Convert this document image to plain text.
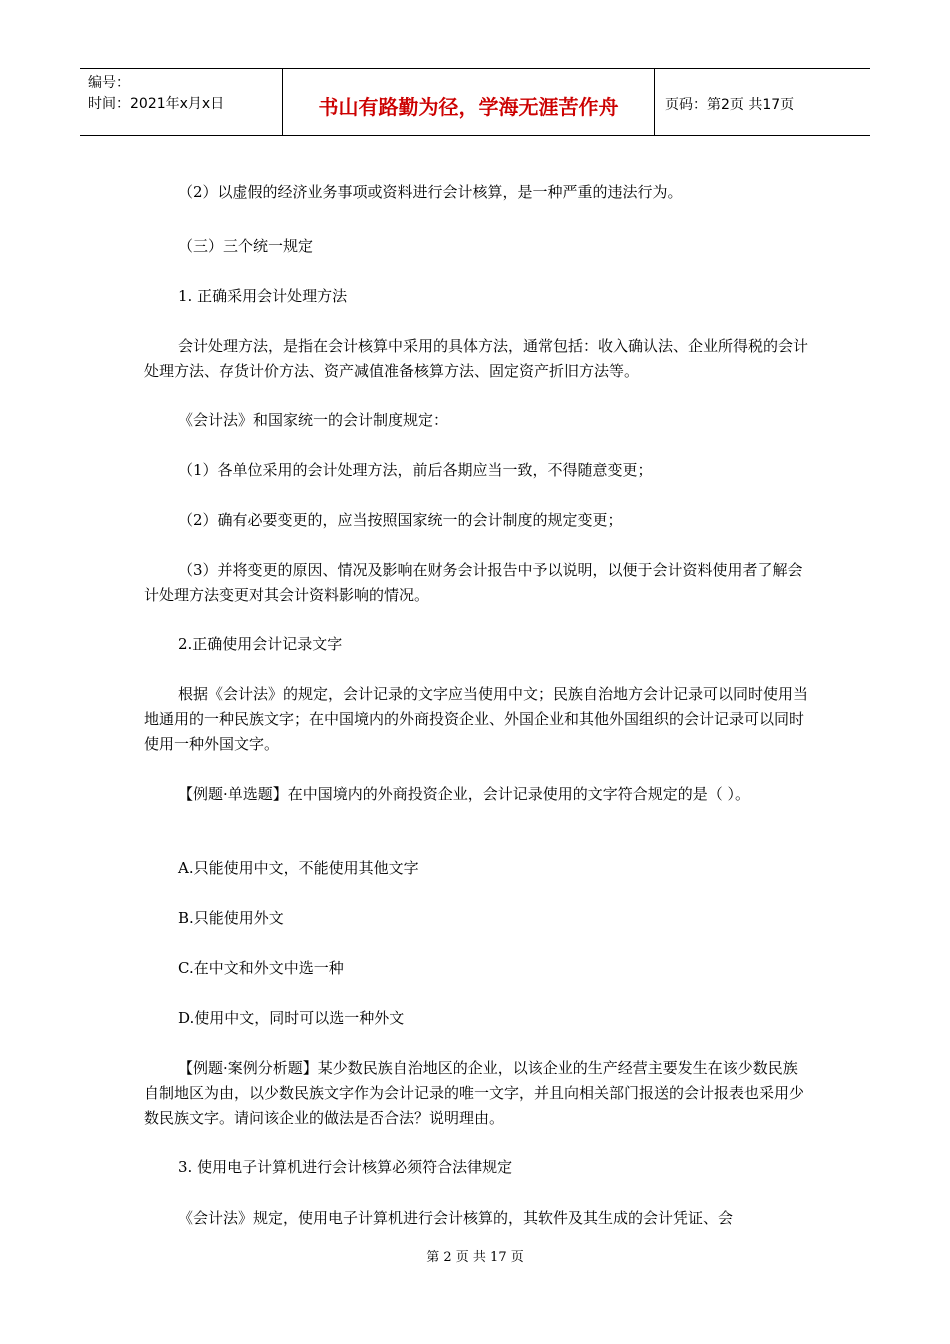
编号：
时间：2021年x月x日	书山有路勤为径，学海无涯苦作舟	页码：第2页 共17页
（2）以虚假的经济业务事项或资料进行会计核算，是一种严重的违法行为。
（三）三个统一规定
1. 正确采用会计处理方法
会计处理方法，是指在会计核算中采用的具体方法，通常包括：收入确认法、企业所得税的会计处理方法、存货计价方法、资产减值准备核算方法、固定资产折旧方法等。
《会计法》和国家统一的会计制度规定：
（1）各单位采用的会计处理方法，前后各期应当一致，不得随意变更；
（2）确有必要变更的，应当按照国家统一的会计制度的规定变更；
（3）并将变更的原因、情况及影响在财务会计报告中予以说明，以便于会计资料使用者了解会计处理方法变更对其会计资料影响的情况。
2.正确使用会计记录文字
根据《会计法》的规定，会计记录的文字应当使用中文；民族自治地方会计记录可以同时使用当地通用的一种民族文字；在中国境内的外商投资企业、外国企业和其他外国组织的会计记录可以同时使用一种外国文字。
【例题·单选题】在中国境内的外商投资企业，会计记录使用的文字符合规定的是（ ）。
A.只能使用中文，不能使用其他文字
B.只能使用外文
C.在中文和外文中选一种
D.使用中文，同时可以选一种外文
【例题·案例分析题】某少数民族自治地区的企业，以该企业的生产经营主要发生在该少数民族自制地区为由，以少数民族文字作为会计记录的唯一文字，并且向相关部门报送的会计报表也采用少数民族文字。请问该企业的做法是否合法？说明理由。
3. 使用电子计算机进行会计核算必须符合法律规定
《会计法》规定，使用电子计算机进行会计核算的，其软件及其生成的会计凭证、会
第 2 页 共 17 页
